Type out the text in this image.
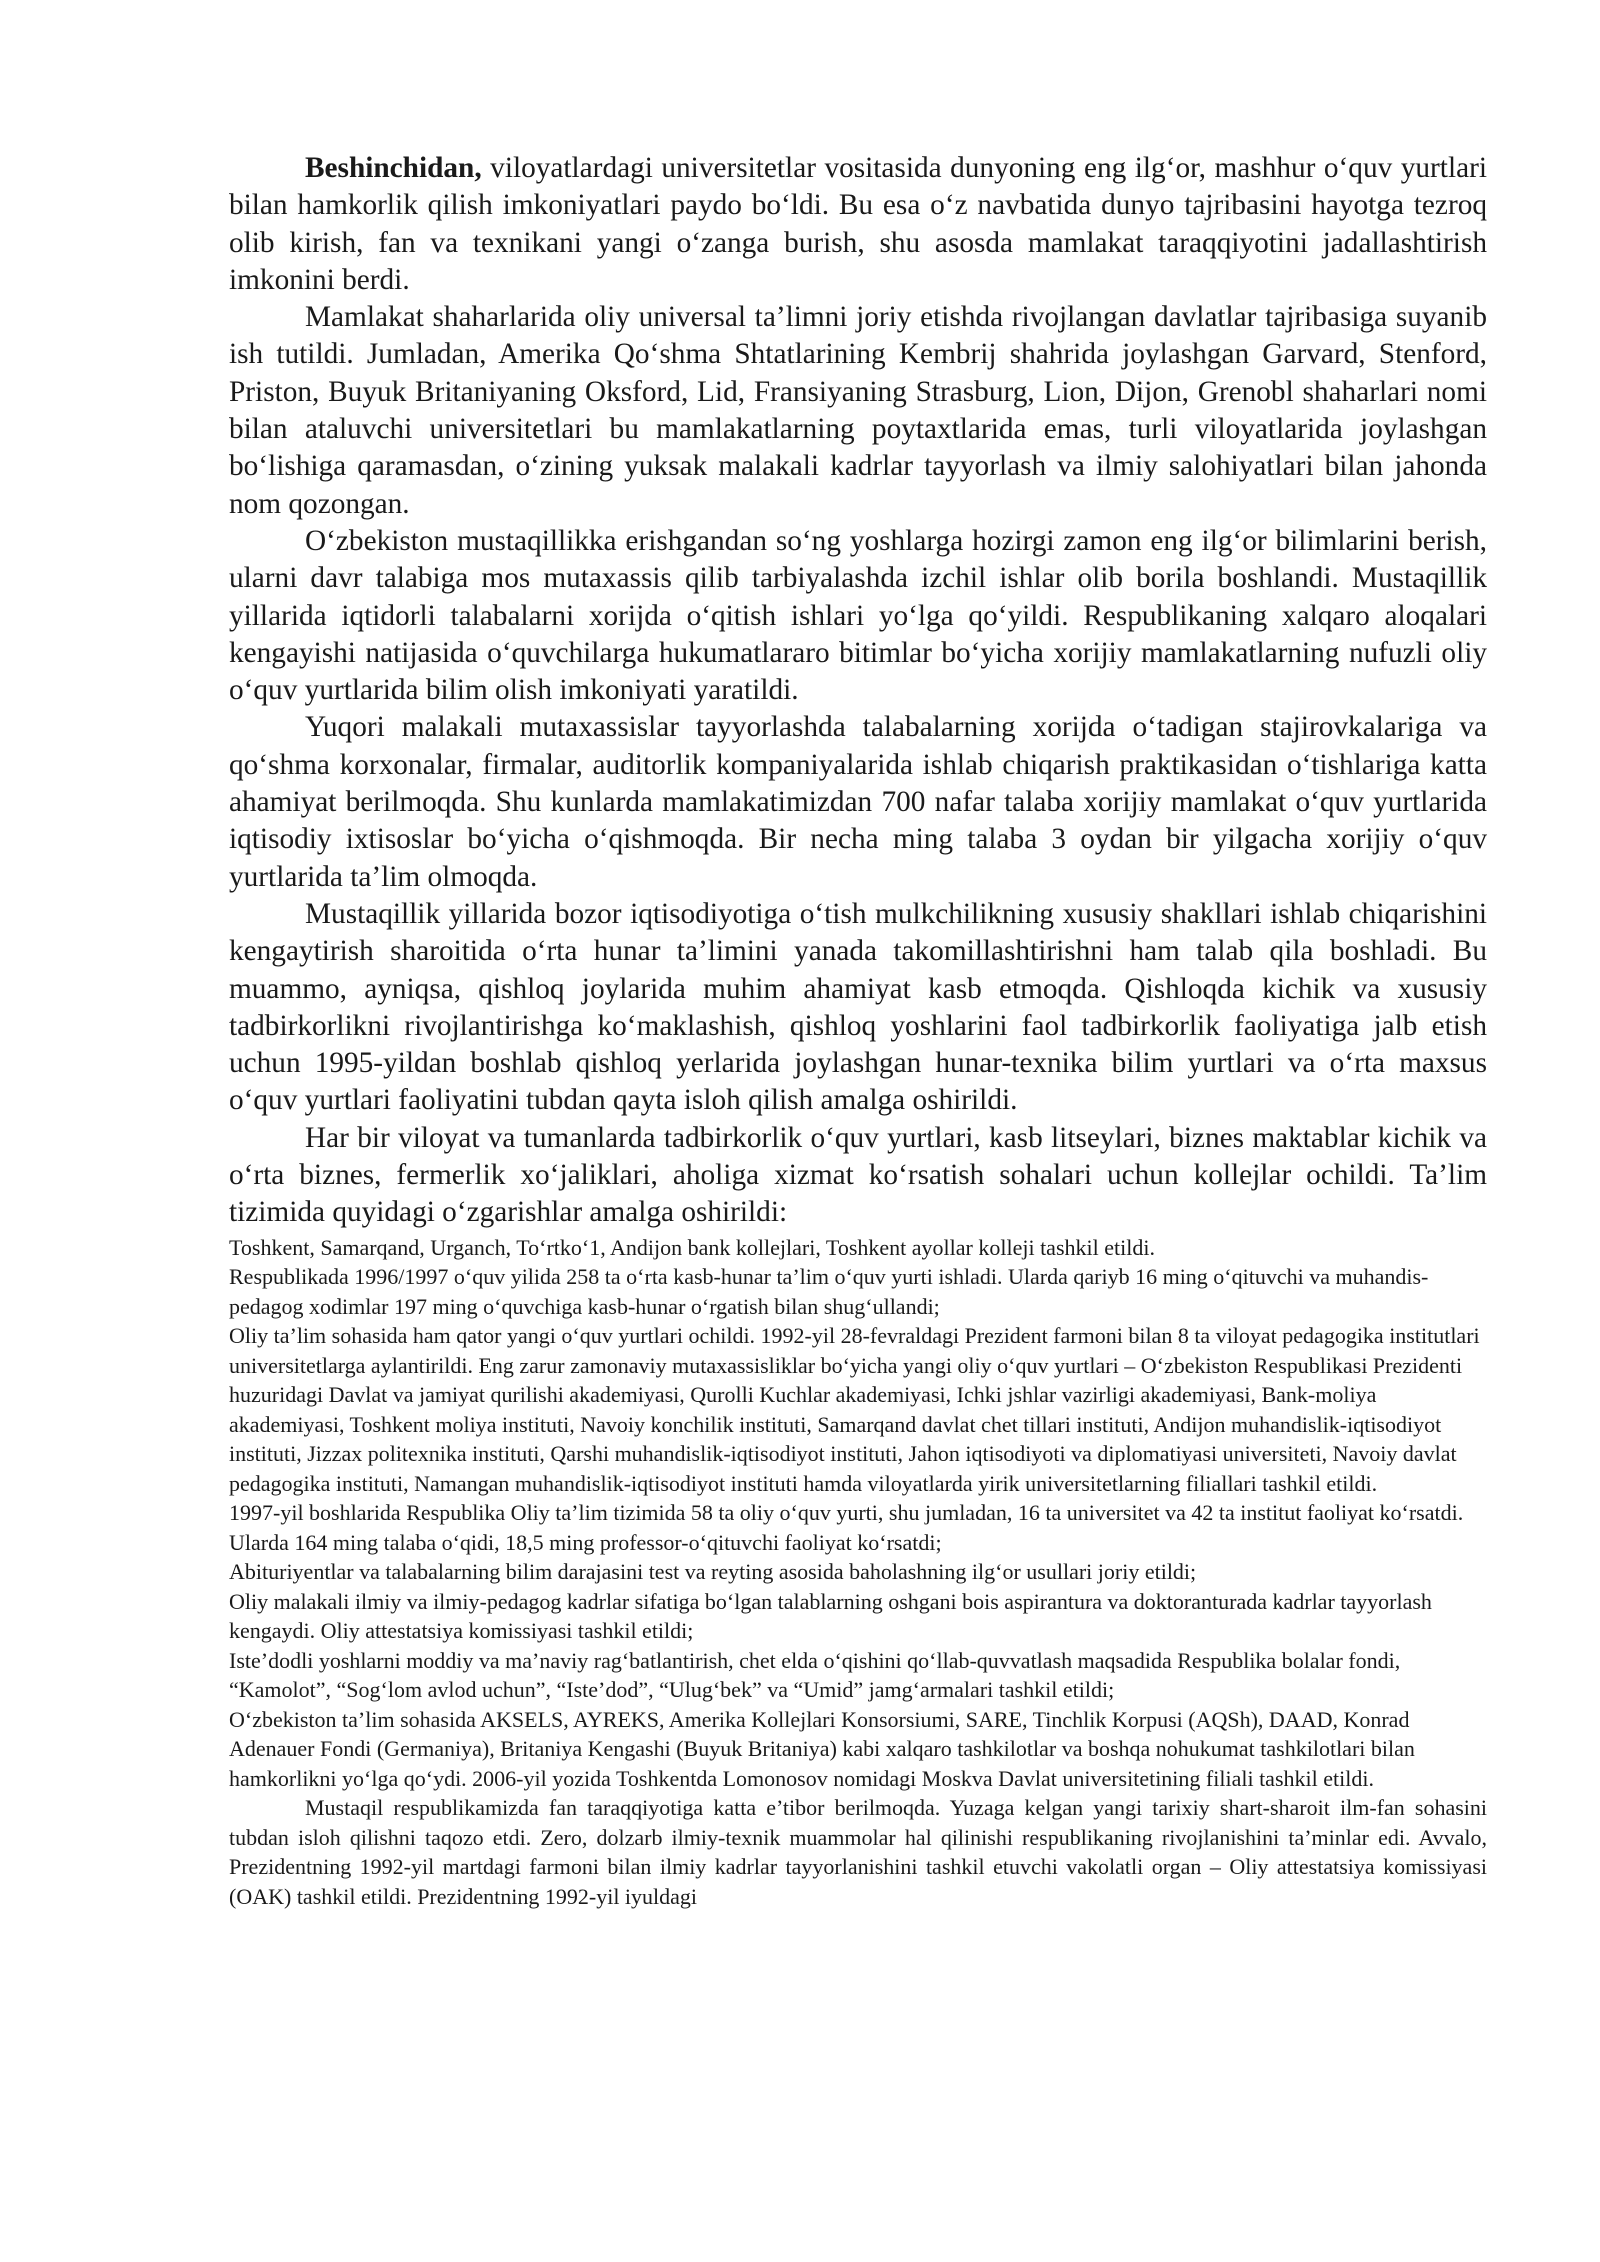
Beshinchidan, viloyatlardagi universitetlar vositasida dunyoning eng ilg‘or, mashhur o‘quv yurtlari bilan hamkorlik qilish imkoniyatlari paydo bo‘ldi. Bu esa o‘z navbatida dunyo tajribasini hayotga tezroq olib kirish, fan va texnikani yangi o‘zanga burish, shu asosda mamlakat taraqqiyotini jadallashtirish imkonini berdi.

Mamlakat shaharlarida oliy universal ta’limni joriy etishda rivojlangan davlatlar tajribasiga suyanib ish tutildi. Jumladan, Amerika Qo‘shma Shtatlarining Kembrij shahrida joylashgan Garvard, Stenford, Priston, Buyuk Britaniyaning Oksford, Lid, Fransiyaning Strasburg, Lion, Dijon, Grenobl shaharlari nomi bilan ataluvchi universitetlari bu mamlakatlarning poytaxtlarida emas, turli viloyatlarida joylashgan bo‘lishiga qaramasdan, o‘zining yuksak malakali kadrlar tayyorlash va ilmiy salohiyatlari bilan jahonda nom qozongan.

O‘zbekiston mustaqillikka erishgandan so‘ng yoshlarga hozirgi zamon eng ilg‘or bilimlarini berish, ularni davr talabiga mos mutaxassis qilib tarbiyalashda izchil ishlar olib borila boshlandi. Mustaqillik yillarida iqtidorli talabalarni xorijda o‘qitish ishlari yo‘lga qo‘yildi. Respublikaning xalqaro aloqalari kengayishi natijasida o‘quvchilarga hukumatlararo bitimlar bo‘yicha xorijiy mamlakatlarning nufuzli oliy o‘quv yurtlarida bilim olish imkoniyati yaratildi.

Yuqori malakali mutaxassislar tayyorlashda talabalarning xorijda o‘tadigan stajirovkalariga va qo‘shma korxonalar, firmalar, auditorlik kompaniyalarida ishlab chiqarish praktikasidan o‘tishlariga katta ahamiyat berilmoqda. Shu kunlarda mamlakatimizdan 700 nafar talaba xorijiy mamlakat o‘quv yurtlarida iqtisodiy ixtisoslar bo‘yicha o‘qishmoqda. Bir necha ming talaba 3 oydan bir yilgacha xorijiy o‘quv yurtlarida ta’lim olmoqda.

Mustaqillik yillarida bozor iqtisodiyotiga o‘tish mulkchilikning xususiy shakllari ishlab chiqarishini kengaytirish sharoitida o‘rta hunar ta’limini yanada takomillashtirishni ham talab qila boshladi. Bu muammo, ayniqsa, qishloq joylarida muhim ahamiyat kasb etmoqda. Qishloqda kichik va xususiy tadbirkorlikni rivojlantirishga ko‘maklashish, qishloq yoshlarini faol tadbirkorlik faoliyatiga jalb etish uchun 1995-yildan boshlab qishloq yerlarida joylashgan hunar-texnika bilim yurtlari va o‘rta maxsus o‘quv yurtlari faoliyatini tubdan qayta isloh qilish amalga oshirildi.

Har bir viloyat va tumanlarda tadbirkorlik o‘quv yurtlari, kasb litseylari, biznes maktablar kichik va o‘rta biznes, fermerlik xo‘jaliklari, aholiga xizmat ko‘rsatish sohalari uchun kollejlar ochildi. Ta’lim tizimida quyidagi o‘zgarishlar amalga oshirildi:

Toshkent, Samarqand, Urganch, To‘rtko‘1, Andijon bank kollejlari, Toshkent ayollar kolleji tashkil etildi.

Respublikada 1996/1997 o‘quv yilida 258 ta o‘rta kasb-hunar ta’lim o‘quv yurti ishladi. Ularda qariyb 16 ming o‘qituvchi va muhandis-pedagog xodimlar 197 ming o‘quvchiga kasb-hunar o‘rgatish bilan shug‘ullandi;

Oliy ta’lim sohasida ham qator yangi o‘quv yurtlari ochildi. 1992-yil 28-fevraldagi Prezident farmoni bilan 8 ta viloyat pedagogika institutlari universitetlarga aylantirildi. Eng zarur zamonaviy mutaxassisliklar bo‘yicha yangi oliy o‘quv yurtlari – O‘zbekiston Respublikasi Prezidenti huzuridagi Davlat va jamiyat qurilishi akademiyasi, Qurolli Kuchlar akademiyasi, Ichki jshlar vazirligi akademiyasi, Bank-moliya akademiyasi, Toshkent moliya instituti, Navoiy konchilik instituti, Samarqand davlat chet tillari instituti, Andijon muhandislik-iqtisodiyot instituti, Jizzax politexnika instituti, Qarshi muhandislik-iqtisodiyot instituti, Jahon iqtisodiyoti va diplomatiyasi universiteti, Navoiy davlat pedagogika instituti, Namangan muhandislik-iqtisodiyot instituti hamda viloyatlarda yirik universitetlarning filiallari tashkil etildi.

1997-yil boshlarida Respublika Oliy ta’lim tizimida 58 ta oliy o‘quv yurti, shu jumladan, 16 ta universitet va 42 ta institut faoliyat ko‘rsatdi. Ularda 164 ming talaba o‘qidi, 18,5 ming professor-o‘qituvchi faoliyat ko‘rsatdi;

Abituriyentlar va talabalarning bilim darajasini test va reyting asosida baholashning ilg‘or usullari joriy etildi;

Oliy malakali ilmiy va ilmiy-pedagog kadrlar sifatiga bo‘lgan talablarning oshgani bois aspirantura va doktoranturada kadrlar tayyorlash kengaydi. Oliy attestatsiya komissiyasi tashkil etildi;

Iste’dodli yoshlarni moddiy va ma’naviy rag‘batlantirish, chet elda o‘qishini qo‘llab-quvvatlash maqsadida Respublika bolalar fondi, “Kamolot”, “Sog‘lom avlod uchun”, “Iste’dod”, “Ulug‘bek” va “Umid” jamg‘armalari tashkil etildi;

O‘zbekiston ta’lim sohasida AKSELS, AYREKS, Amerika Kollejlari Konsorsiumi, SARE, Tinchlik Korpusi (AQSh), DAAD, Konrad Adenauer Fondi (Germaniya), Britaniya Kengashi (Buyuk Britaniya) kabi xalqaro tashkilotlar va boshqa nohukumat tashkilotlari bilan hamkorlikni yo‘lga qo‘ydi. 2006-yil yozida Toshkentda Lomonosov nomidagi Moskva Davlat universitetining filiali tashkil etildi.

Mustaqil respublikamizda fan taraqqiyotiga katta e’tibor berilmoqda. Yuzaga kelgan yangi tarixiy shart-sharoit ilm-fan sohasini tubdan isloh qilishni taqozo etdi. Zero, dolzarb ilmiy-texnik muammolar hal qilinishi respublikaning rivojlanishini ta’minlar edi. Avvalo, Prezidentning 1992-yil martdagi farmoni bilan ilmiy kadrlar tayyorlanishini tashkil etuvchi vakolatli organ – Oliy attestatsiya komissiyasi (OAK) tashkil etildi. Prezidentning 1992-yil iyuldagi
